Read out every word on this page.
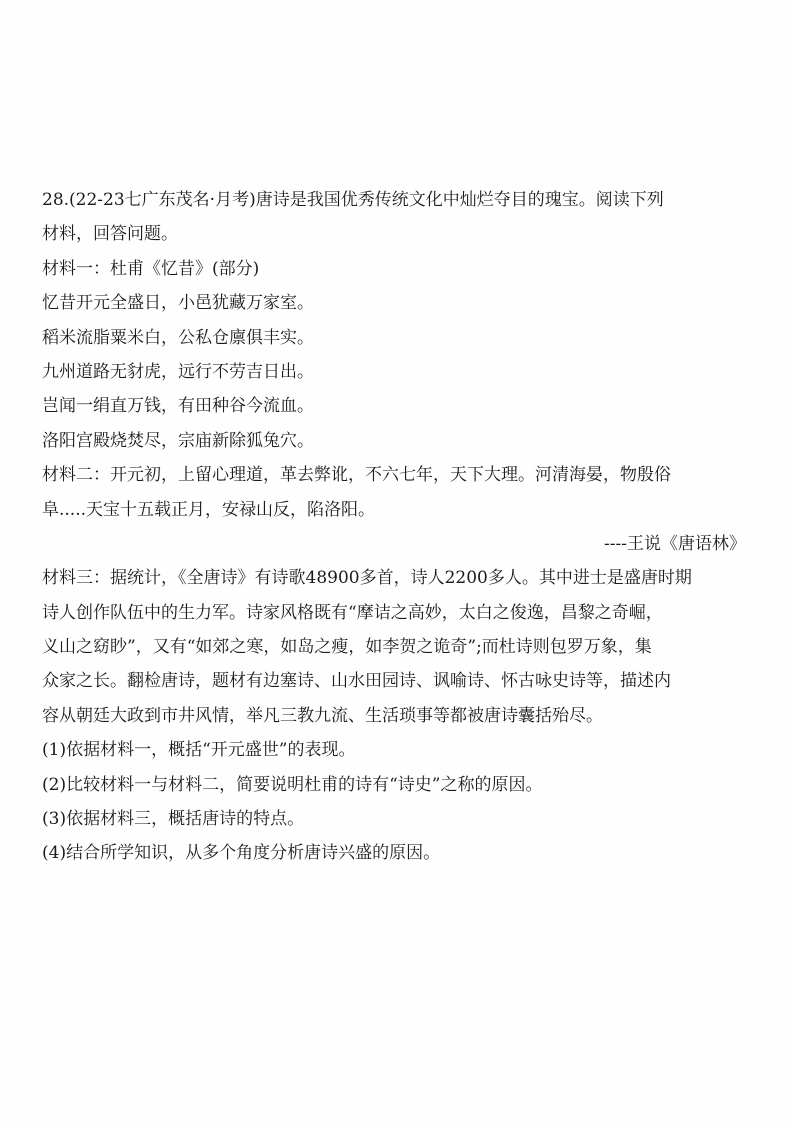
28.(22-23七广东茂名·月考)唐诗是我国优秀传统文化中灿烂夺目的瑰宝。阅读下列
材料，回答问题。
材料一：杜甫《忆昔》(部分)
忆昔开元全盛日，小邑犹藏万家室。
稻米流脂粟米白，公私仓廪俱丰实。
九州道路无豺虎，远行不劳吉日出。
岂闻一绢直万钱，有田种谷今流血。
洛阳宫殿烧焚尽，宗庙新除狐兔穴。
材料二：开元初，上留心理道，革去弊讹，不六七年，天下大理。河清海晏，物殷俗
阜.....天宝十五载正月，安禄山反，陷洛阳。
----王说《唐语林》
材料三：据统计，《全唐诗》有诗歌48900多首，诗人2200多人。其中进士是盛唐时期
诗人创作队伍中的生力军。诗家风格既有“摩诘之高妙，太白之俊逸，昌黎之奇崛，
义山之窈眇”，又有“如郊之寒，如岛之瘦，如李贺之诡奇”;而杜诗则包罗万象，集
众家之长。翻检唐诗，题材有边塞诗、山水田园诗、讽喻诗、怀古咏史诗等，描述内
容从朝廷大政到市井风情，举凡三教九流、生活琐事等都被唐诗囊括殆尽。
(1)依据材料一，概括“开元盛世”的表现。
(2)比较材料一与材料二，简要说明杜甫的诗有“诗史”之称的原因。
(3)依据材料三，概括唐诗的特点。
(4)结合所学知识，从多个角度分析唐诗兴盛的原因。
